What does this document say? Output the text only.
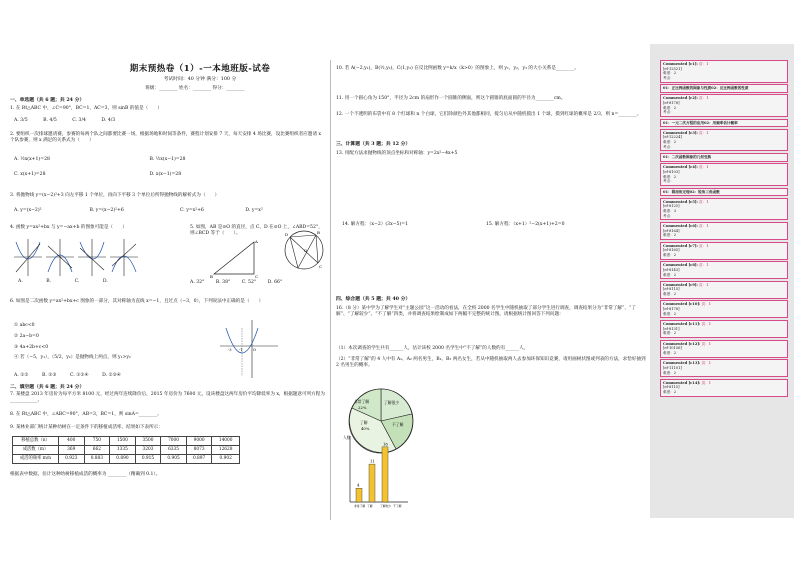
期末预热卷（1）-一本地班版-试卷
考试时间：40 分钟 满分：100 分
班级：________ 姓名：________ 得分：________
一、单选题（共 6 题；共 24 分）
1. 在 Rt△ABC 中，∠C=90°，BC=1，AC=3，则 sinB 的值是（　　）
A. 3/5	B. 4/5	C. 3/4	D. 4/3
2. 要组织一次排球邀请赛，参赛的每两个队之间都要比赛一场，根据场地和时间等条件，赛程计划安排 7 天，每天安排 4 场比赛，设比赛组织者应邀请 x 个队参赛，则 x 满足的关系式为（　　）
A. ½x(x+1)=28	B. ½x(x−1)=28
C. x(x+1)=28	D. x(x−1)=28
3. 将抛物线 y=(x−2)²+3 向左平移 1 个单位，再向下平移 3 个单位后所得抛物线的解析式为（　　）
A. y=(x−2)²	B. y=(x−2)²+6	C. y=x²+6	D. y=x²
4. 函数 y=ax²+bx 与 y=−ax+b 的图象可能是（　　）	5. 如图，AB 是⊙O 的直径，点 C、D 在⊙O 上，∠ABD=52°，则∠BCD 等于（　　）。
A.	B.	C.	D.
B	C
A
D	B
O
C
A. 32° B. 38° C. 52° D. 66°
6. 如图是二次函数 y=ax²+bx+c 图象的一部分，其对称轴为直线 x=−1，且过点（−3，0），下列说法中正确的是（　　）
① abc<0
② 2a−b=0
③ 4a+2b+c<0
④ 若（−5，y₁），（5/2，y₂）是抛物线上两点，则 y₁>y₂
-3 -1	O
A. ①②	B. ②③	C. ①②④	D. ②③④
二、填空题（共 6 题；共 24 分）
7. 某楼盘 2013 年房价为每平方米 8100 元，经过两年连续降价后，2015 年房价为 7600 元，设该楼盘这两年房价平均降低率为 x，根据题意可列方程为 ____________。
8. 在 Rt△ABC 中，∠ABC=90°，AB=3，BC=1，则 sinA=________。
9. 某林业部门统计某种幼树在一定条件下的移植成活率，结果如下表所示：
移植总数（n）	400	750	1500	3500	7000	9000	14000
成活数（m）	369	662	1335	3203	6335	8073	12628
成活的频率 m/n	0.923	0.883	0.890	0.915	0.905	0.897	0.902
根据表中数据，估计这种幼树移植成活的概率为 ________（精确到 0.1）。
10. 若 A(−2,y₁)，B(½,y₂)，C(1,y₃) 在反比例函数 y=k/x（k>0）的图象上，则 y₁，y₂，y₃ 的大小关系是________。
11. 用一个圆心角为 150°，半径为 2cm 的扇形作一个圆锥的侧面，则这个圆锥的底面圆的半径为________cm。
12. 一个不透明的布袋中有 8 个红球和 n 个白球，它们除颜色外其他都相同，搅匀后从中随机摸出 1 个球，摸到红球的概率是 2/3，则 n=________。
三、计算题（共 3 题；共 12 分）
13. 用配方法求抛物线的顶点坐标和对称轴：y=2x²−4x+5
14. 解方程：（x−2）(3x−5)=1	15. 解方程：（x+1）²−2(x+1)+2=0
四、综合题（共 5 题；共 40 分）
16.（8 分）某中学为了解学生对“主题公园”这一活动的看法，在全校 2000 名学生中随机抽取了部分学生进行调查，调查结果分为“非常了解”、“了解”、“了解较少”、“不了解”四类，并将调查结果绘制成如下两幅不完整的统计图。请根据统计图回答下列问题：
（1）本次调查的学生共有______人，估计该校 2000 名学生中“不了解”的人数约有______人。
（2）“非常了解”的 4 人中有 A₁、A₂ 两名男生，B₁、B₂ 两名女生，若从中随机抽取两人去参加环保知识竞赛，请用画树状图或列表的方法，求恰好抽到 2 名男生的概率。
了解很少
不了解
了解
40%
非常了解
22%
人数
4
非常了解
11
了解
16
了解较少 不了解
Commented [c1]: 页：1
[ef-12521]
难度：2
考点：
01：正比例函数的图象与性质02：反比例函数的性质
Commented [c2]: 页：1
[ef-8178]
难度：2
考点：
01：一元二次方程的应用02：用频率估计概率
Commented [c3]: 页：1
[ef-12224]
难度：2
考点：
01：二次函数图象的几何变换
Commented [c4]: 页：1
[ef-8103]
难度：2
考点：
01：圆周角定理02：锐角三角函数
Commented [c5]: 页：1
[ef-8125]
难度：3
考点：
Commented [c6]: 页：1
[ef-8164]
难度：2
Commented [c7]: 页：1
[ef-8165]
难度：2
Commented [c8]: 页：1
[ef-8143]
难度：2
Commented [c9]: 页：1
[ef-8115]
难度：2
Commented [c10]: 页：1
[ef-8178]
难度：2
Commented [c11]: 页：1
[ef-8131]
难度：2
Commented [c12]: 页：1
[ef-10156]
难度：2
Commented [c13]: 页：1
[ef-11101]
难度：2
Commented [c14]: 页：1
[ef-8115]
难度：2
